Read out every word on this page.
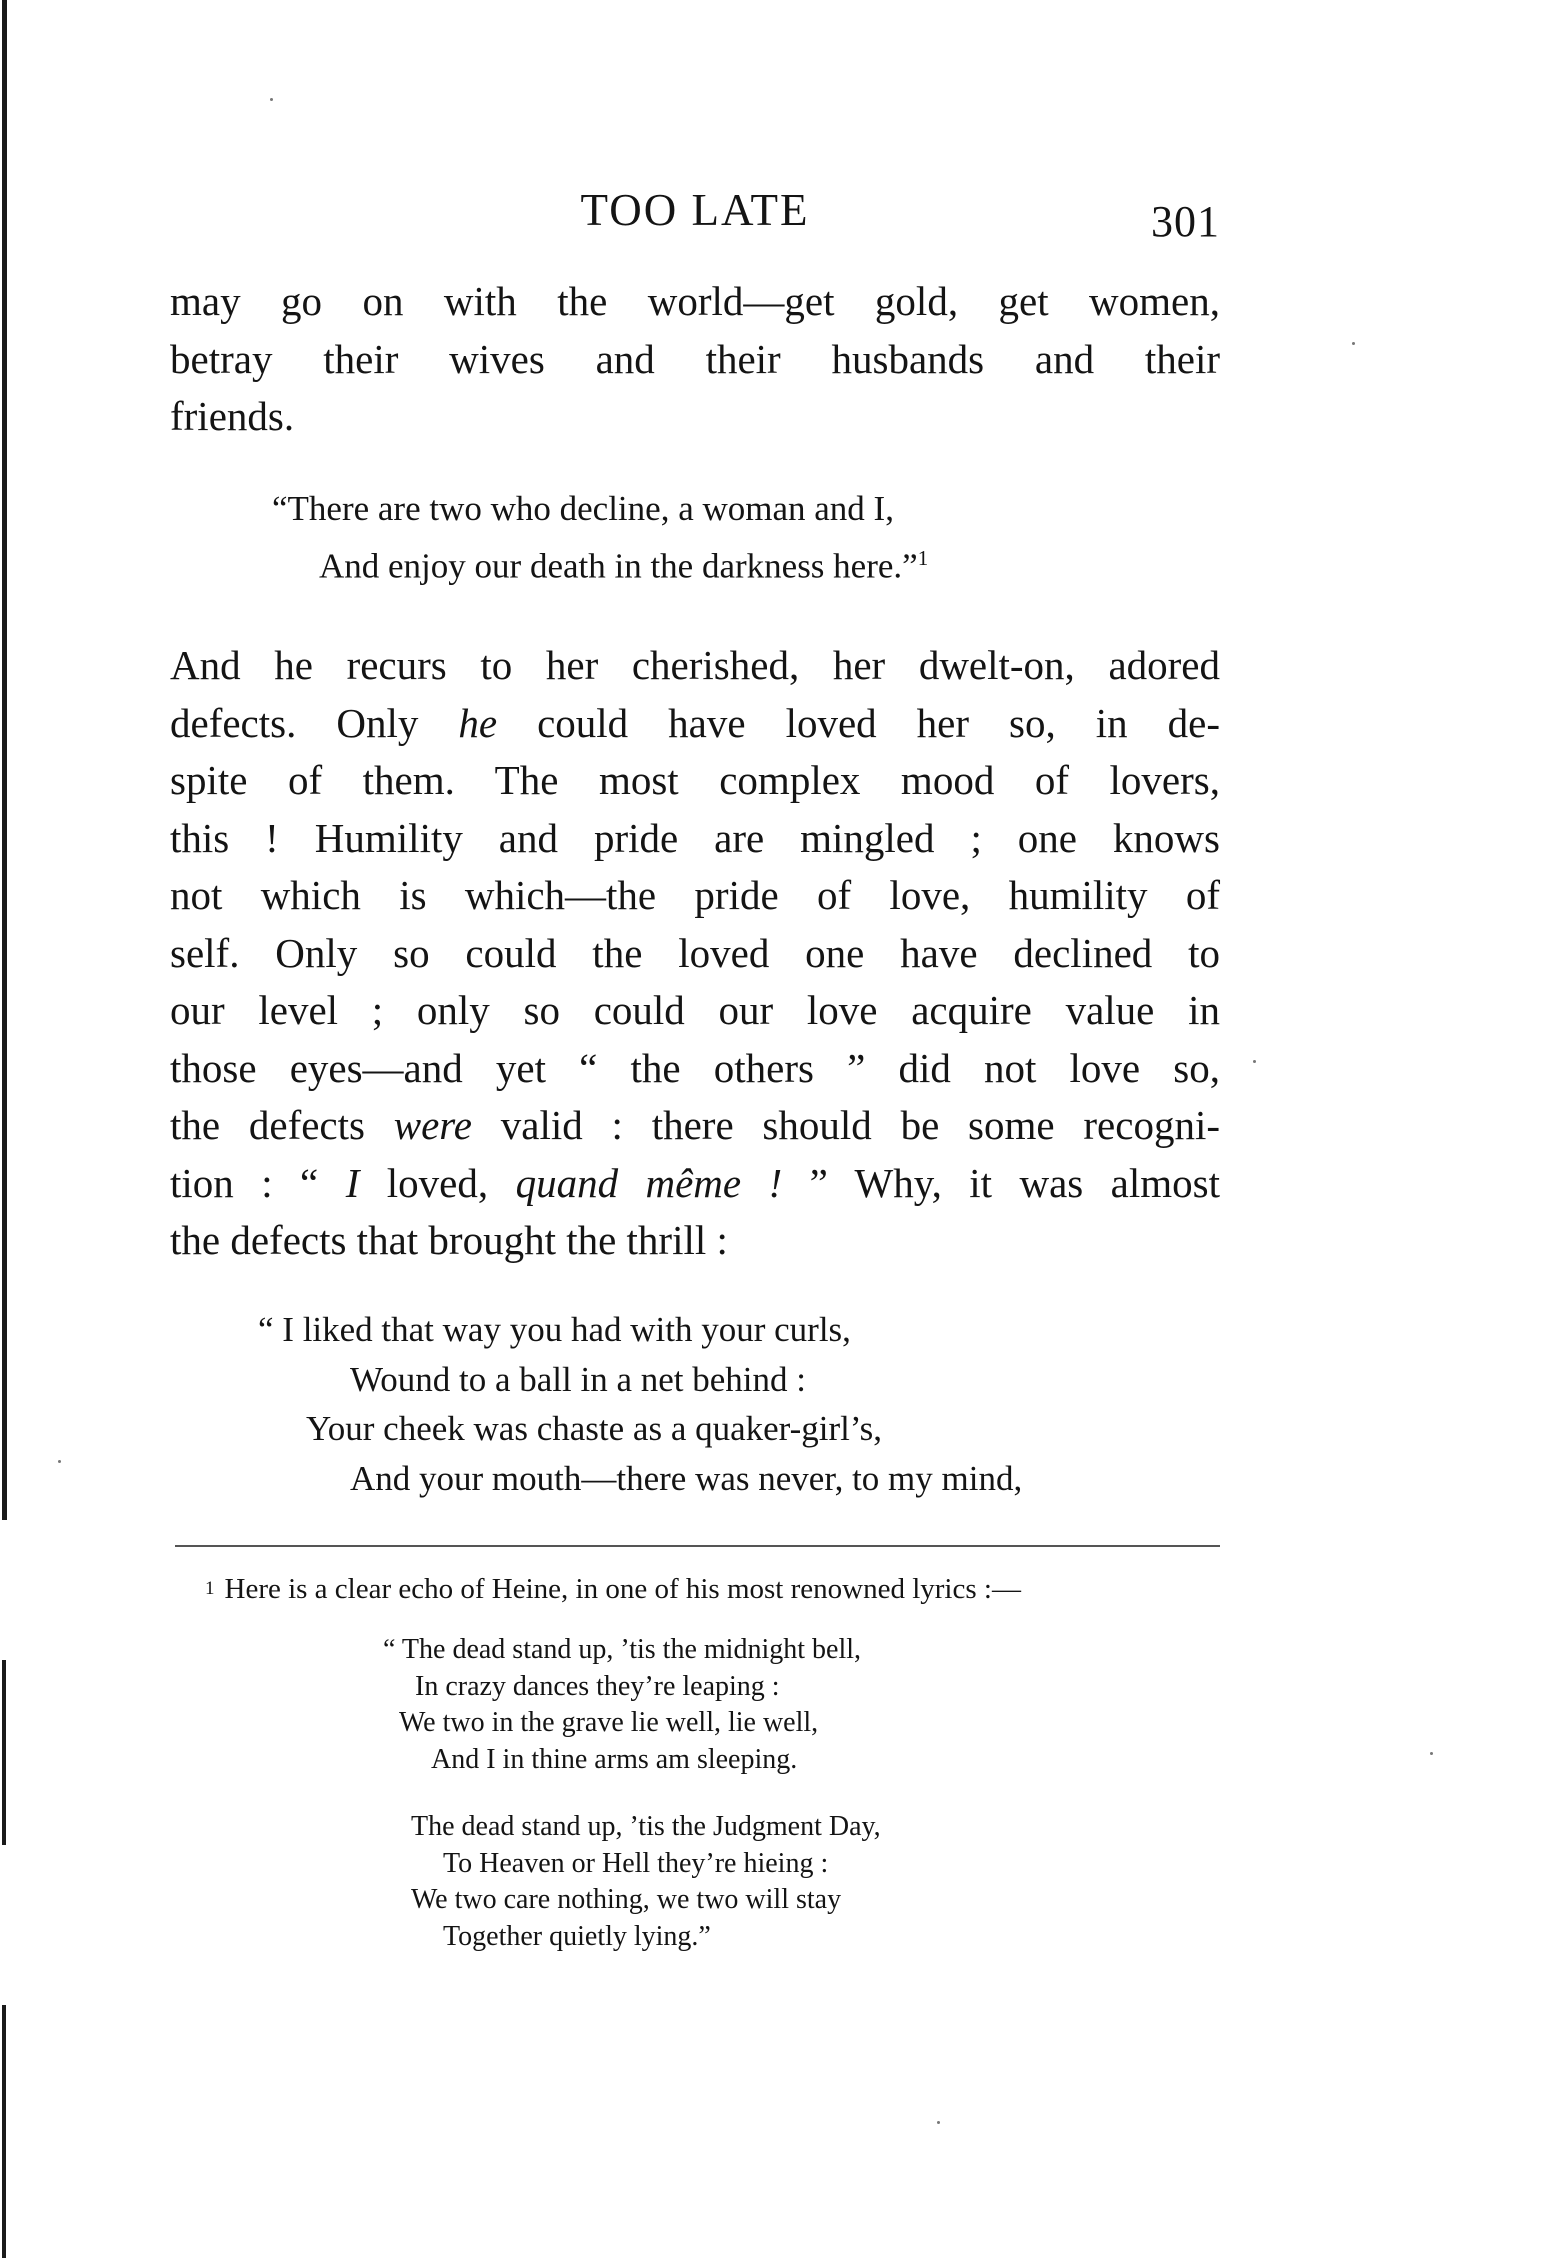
TOO LATE	301
may go on with the world—get gold, get women,
betray their wives and their husbands and their
friends.
“There are two who decline, a woman and I,
And enjoy our death in the darkness here.”$^1$
And he recurs to her cherished, her dwelt-on, adored
defects. Only he could have loved her so, in de-
spite of them. The most complex mood of lovers,
this ! Humility and pride are mingled ; one knows
not which is which—the pride of love, humility of
self. Only so could the loved one have declined to
our level ; only so could our love acquire value in
those eyes—and yet “ the others ” did not love so,
the defects were valid : there should be some recogni-
tion : “ I loved, quand même ! ” Why, it was almost
the defects that brought the thrill :
“ I liked that way you had with your curls,
Wound to a ball in a net behind :
Your cheek was chaste as a quaker-girl’s,
And your mouth—there was never, to my mind,
$^1$ Here is a clear echo of Heine, in one of his most renowned lyrics :—
“ The dead stand up, ’tis the midnight bell,
In crazy dances they’re leaping :
We two in the grave lie well, lie well,
And I in thine arms am sleeping.
The dead stand up, ’tis the Judgment Day,
To Heaven or Hell they’re hieing :
We two care nothing, we two will stay
Together quietly lying.”
